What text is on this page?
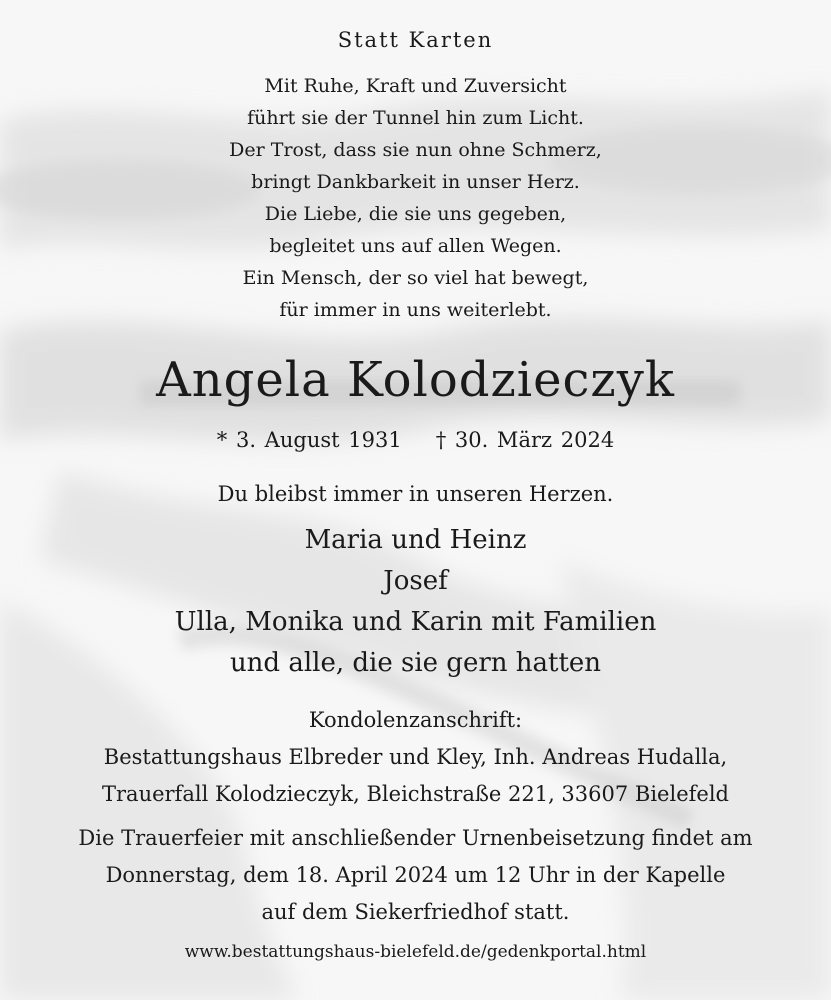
Statt Karten
Mit Ruhe, Kraft und Zuversicht
führt sie der Tunnel hin zum Licht.
Der Trost, dass sie nun ohne Schmerz,
bringt Dankbarkeit in unser Herz.
Die Liebe, die sie uns gegeben,
begleitet uns auf allen Wegen.
Ein Mensch, der so viel hat bewegt,
für immer in uns weiterlebt.
Angela Kolodzieczyk
* 3. August 1931 † 30. März 2024
Du bleibst immer in unseren Herzen.
Maria und Heinz
Josef
Ulla, Monika und Karin mit Familien
und alle, die sie gern hatten
Kondolenzanschrift:
Bestattungshaus Elbreder und Kley, Inh. Andreas Hudalla,
Trauerfall Kolodzieczyk, Bleichstraße 221, 33607 Bielefeld
Die Trauerfeier mit anschließender Urnenbeisetzung findet am
Donnerstag, dem 18. April 2024 um 12 Uhr in der Kapelle
auf dem Siekerfriedhof statt.
www.bestattungshaus-bielefeld.de/gedenkportal.html
